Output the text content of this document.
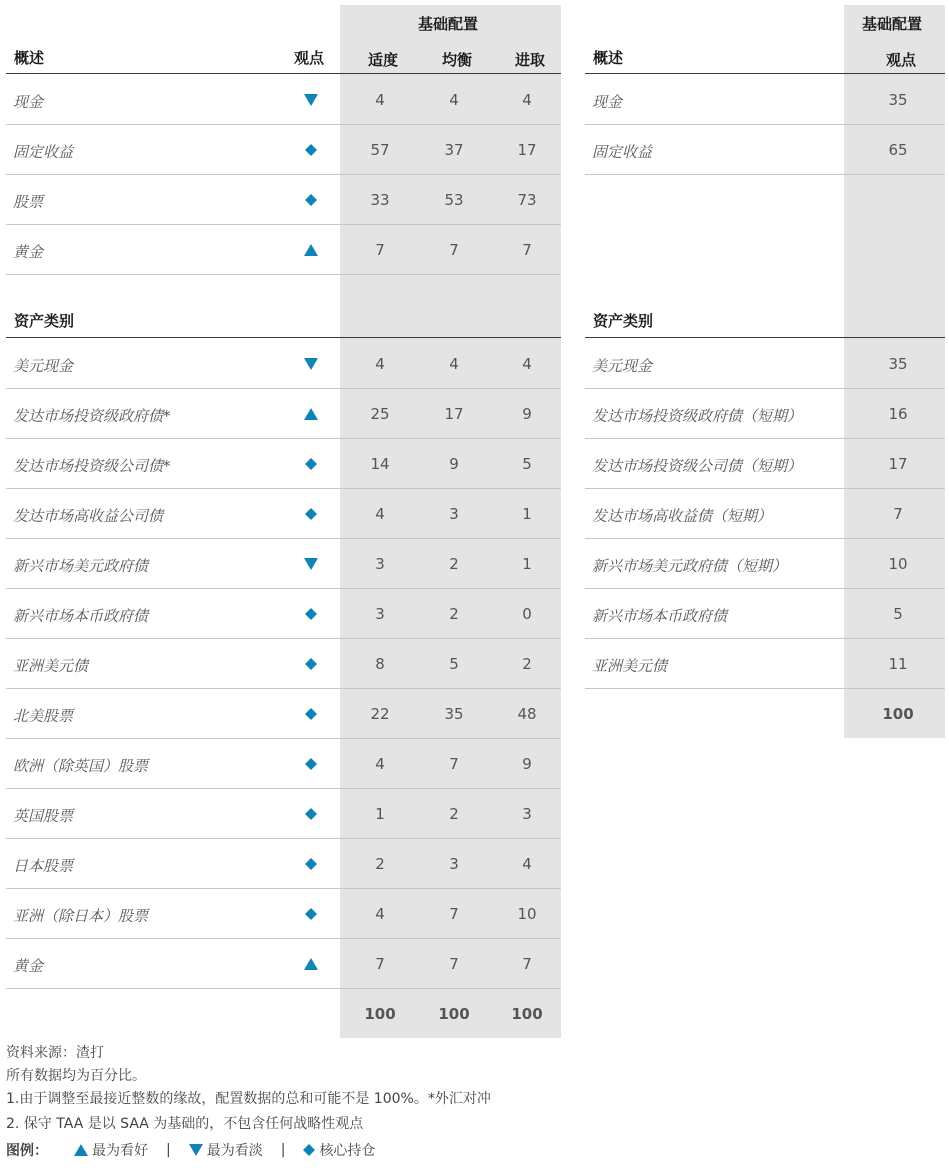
基础配置
概述	观点	适度	均衡	进取
基础配置
概述	观点
资产类别	资产类别
现金	4	4	4
固定收益	57	37	17
股票	33	53	73
黄金	7	7	7
美元现金	4	4	4
发达市场投资级政府债*	25	17	9
发达市场投资级公司债*	14	9	5
发达市场高收益公司债	4	3	1
新兴市场美元政府债	3	2	1
新兴市场本币政府债	3	2	0
亚洲美元债	8	5	2
北美股票	22	35	48
欧洲（除英国）股票	4	7	9
英国股票	1	2	3
日本股票	2	3	4
亚洲（除日本）股票	4	7	10
黄金	7	7	7
100	100	100
现金	35
固定收益	65
美元现金	35
发达市场投资级政府债（短期）	16
发达市场投资级公司债（短期）	17
发达市场高收益债（短期）	7
新兴市场美元政府债（短期）	10
新兴市场本币政府债	5
亚洲美元债	11
100
资料来源：渣打
所有数据均为百分比。
1.由于调整至最接近整数的缘故，配置数据的总和可能不是 100%。*外汇对冲
2. 保守 TAA 是以 SAA 为基础的，不包含任何战略性观点
图例：	最为看好 |	最为看淡 | 核心持仓
